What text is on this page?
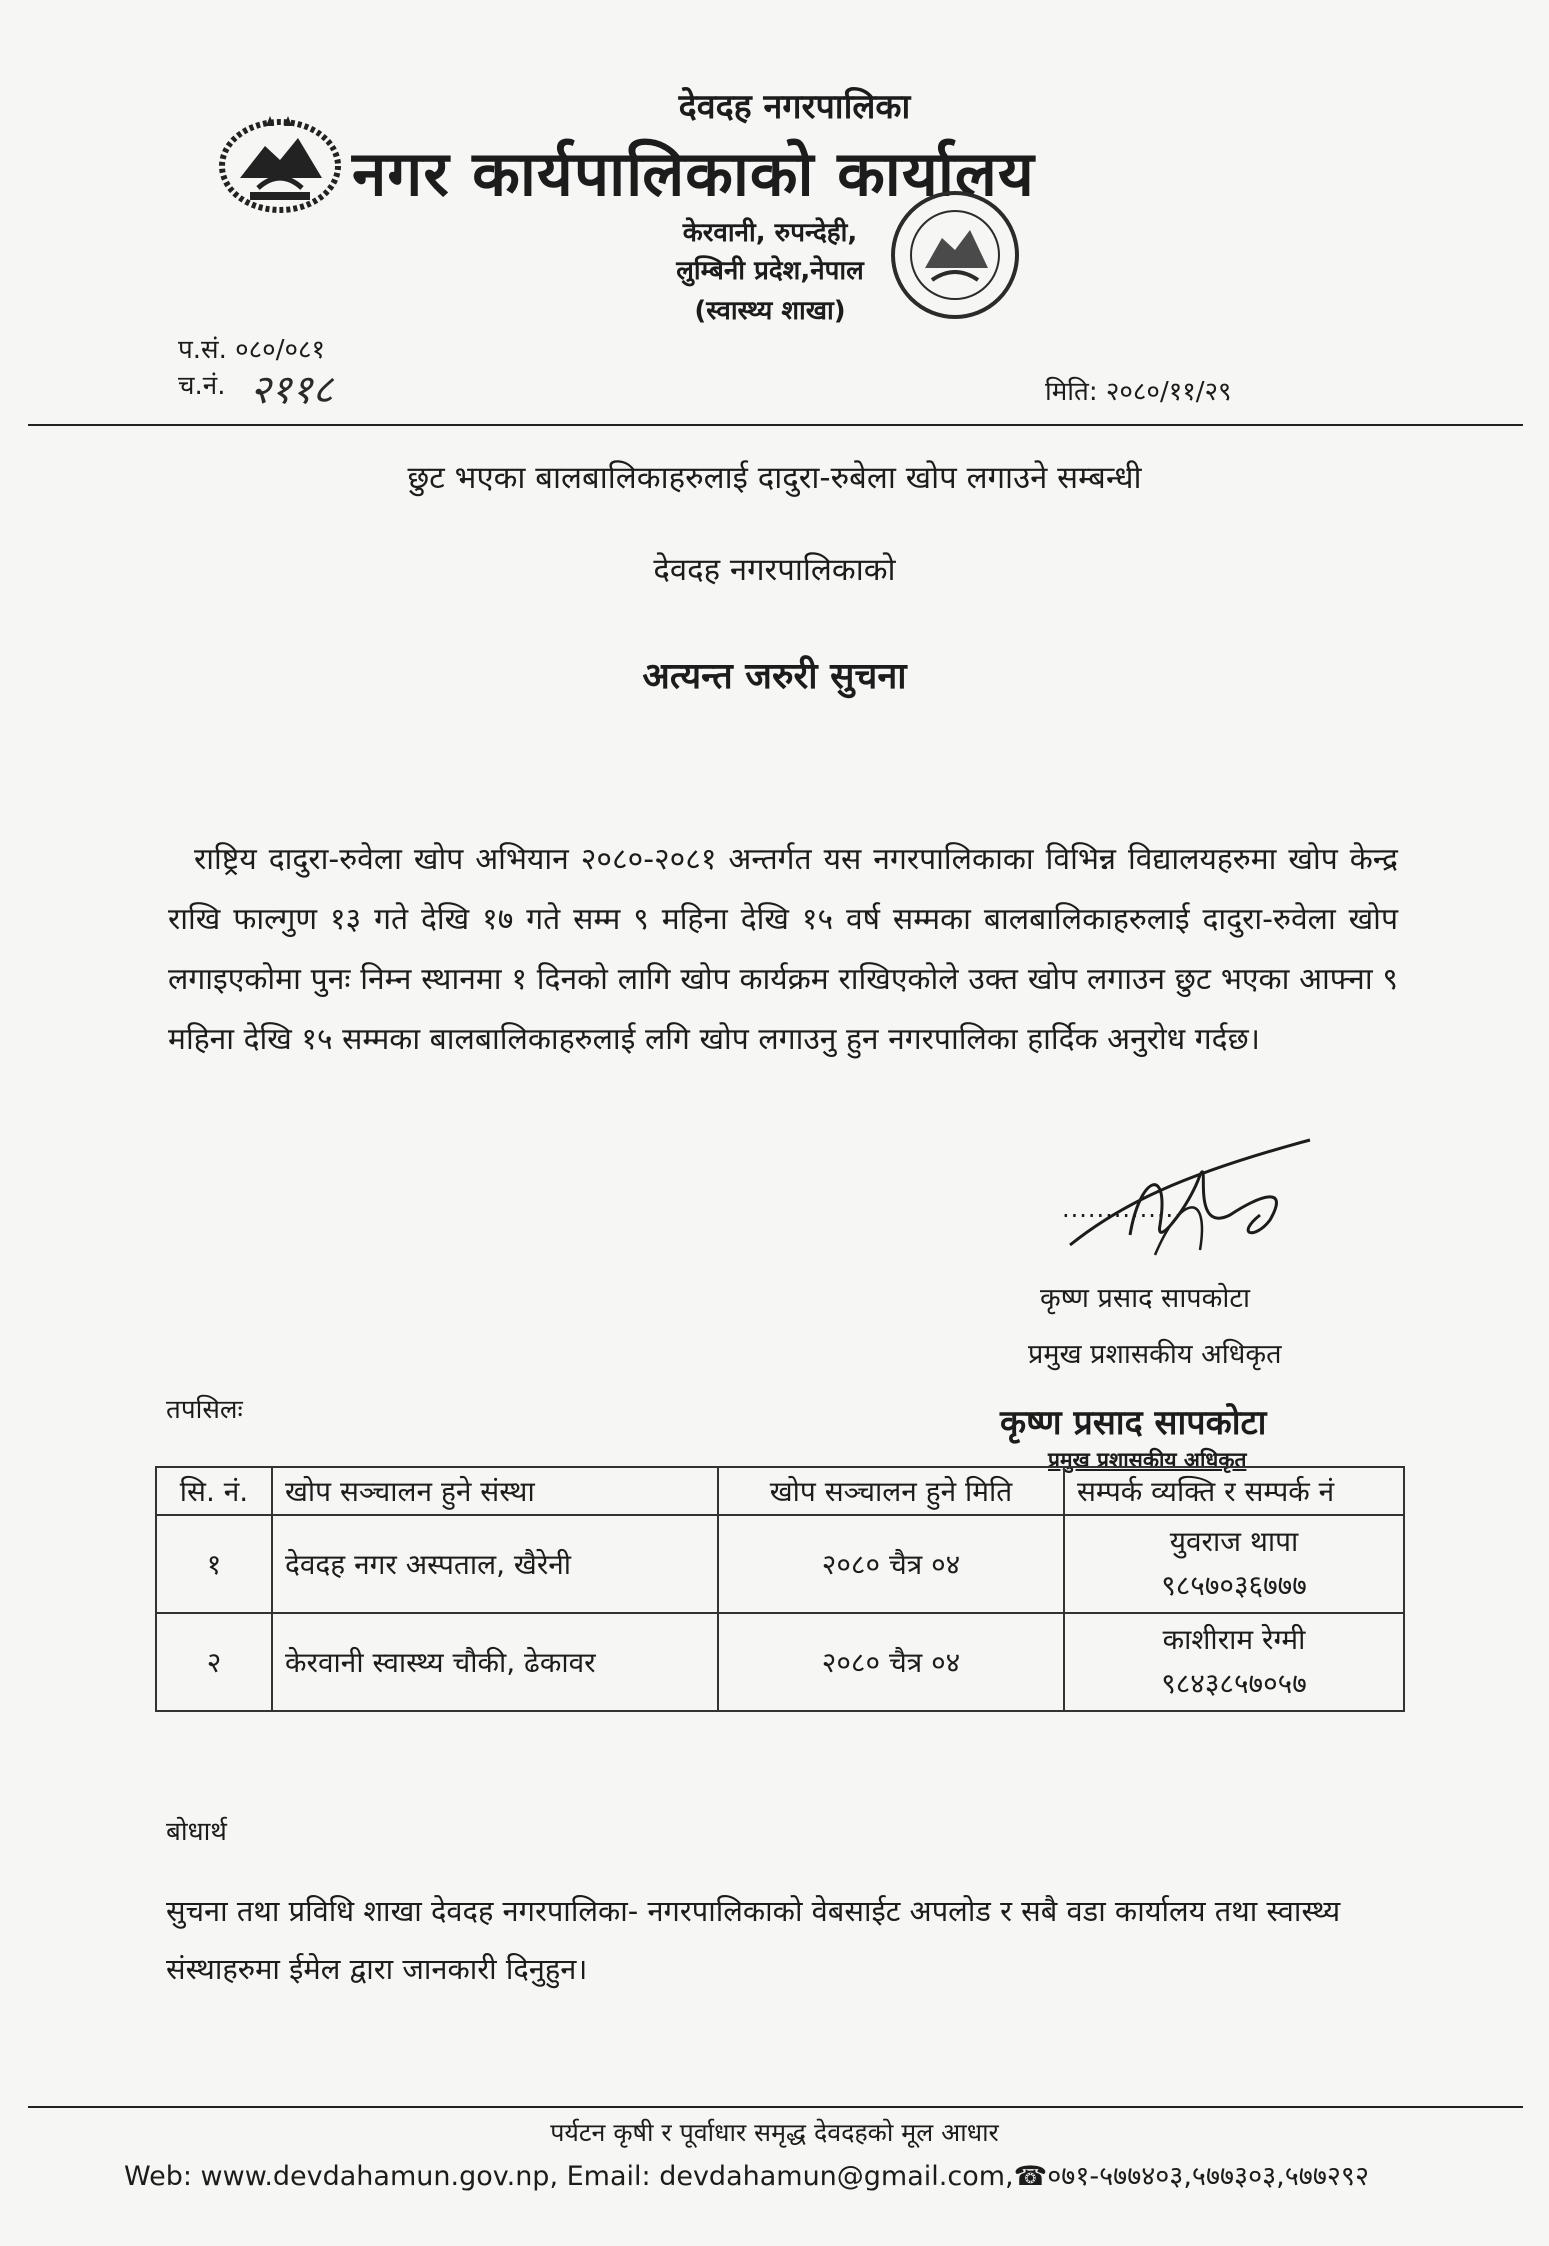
देवदह नगरपालिका
नगर कार्यपालिकाको कार्यालय
केरवानी, रुपन्देही,
लुम्बिनी प्रदेश,नेपाल
(स्वास्थ्य शाखा)
प.सं. ०८०/०८१
च.नं. २११८	मिति: २०८०/११/२९
छुट भएका बालबालिकाहरुलाई दादुरा-रुबेला खोप लगाउने सम्बन्धी
देवदह नगरपालिकाको
अत्यन्त जरुरी सुचना
राष्ट्रिय दादुरा-रुवेला खोप अभियान २०८०-२०८१ अन्तर्गत यस नगरपालिकाका विभिन्न विद्यालयहरुमा खोप केन्द्र राखि फाल्गुण १३ गते देखि १७ गते सम्म ९ महिना देखि १५ वर्ष सम्मका बालबालिकाहरुलाई दादुरा-रुवेला खोप लगाइएकोमा पुनः निम्न स्थानमा १ दिनको लागि खोप कार्यक्रम राखिएकोले उक्त खोप लगाउन छुट भएका आफ्ना ९ महिना देखि १५ सम्मका बालबालिकाहरुलाई लगि खोप लगाउनु हुन नगरपालिका हार्दिक अनुरोध गर्दछ।
..............
कृष्ण प्रसाद सापकोटा
प्रमुख प्रशासकीय अधिकृत
तपसिलः	कृष्ण प्रसाद सापकोटा
प्रमुख प्रशासकीय अधिकृत
सि. नं.	खोप सञ्चालन हुने संस्था	खोप सञ्चालन हुने मिति	सम्पर्क व्यक्ति र सम्पर्क नं
१	देवदह नगर अस्पताल, खैरेनी	२०८० चैत्र ०४	युवराज थापा
९८५७०३६७७७

२	केरवानी स्वास्थ्य चौकी, ढेकावर	२०८० चैत्र ०४	काशीराम रेग्मी
९८४३८५७०५७
बोधार्थ
सुचना तथा प्रविधि शाखा देवदह नगरपालिका- नगरपालिकाको वेबसाईट अपलोड र सबै वडा कार्यालय तथा स्वास्थ्य संस्थाहरुमा ईमेल द्वारा जानकारी दिनुहुन।
पर्यटन कृषी र पूर्वाधार समृद्ध देवदहको मूल आधार
Web: www.devdahamun.gov.np, Email: devdahamun@gmail.com,☎०७१-५७७४०३,५७७३०३,५७७२९२
